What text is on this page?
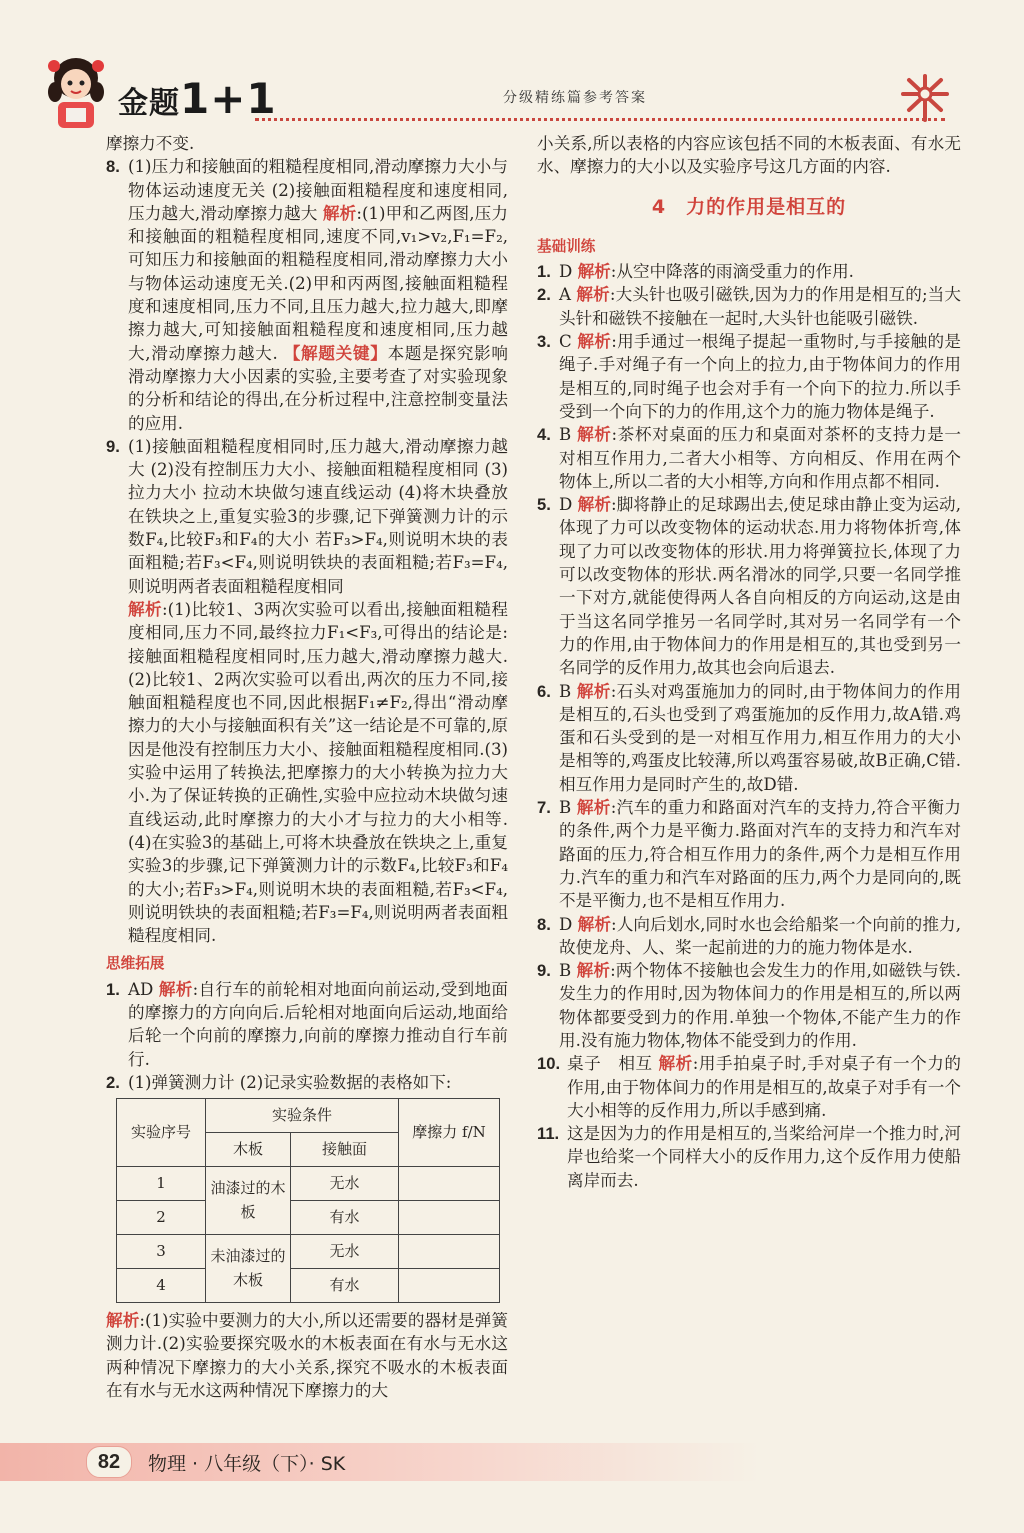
金题1+1	分级精练篇参考答案

摩擦力不变.

8. (1)压力和接触面的粗糙程度相同,滑动摩擦力大小与物体运动速度无关 (2)接触面粗糙程度和速度相同,压力越大,滑动摩擦力越大 解析:(1)甲和乙两图,压力和接触面的粗糙程度相同,速度不同,v₁>v₂,F₁=F₂,可知压力和接触面的粗糙程度相同,滑动摩擦力大小与物体运动速度无关.(2)甲和丙两图,接触面粗糙程度和速度相同,压力不同,且压力越大,拉力越大,即摩擦力越大,可知接触面粗糙程度和速度相同,压力越大,滑动摩擦力越大. 【解题关键】本题是探究影响滑动摩擦力大小因素的实验,主要考查了对实验现象的分析和结论的得出,在分析过程中,注意控制变量法的应用.
9. (1)接触面粗糙程度相同时,压力越大,滑动摩擦力越大 (2)没有控制压力大小、接触面粗糙程度相同 (3)拉力大小 拉动木块做匀速直线运动 (4)将木块叠放在铁块之上,重复实验3的步骤,记下弹簧测力计的示数F₄,比较F₃和F₄的大小 若F₃>F₄,则说明木块的表面粗糙;若F₃<F₄,则说明铁块的表面粗糙;若F₃=F₄,则说明两者表面粗糙程度相同
解析:(1)比较1、3两次实验可以看出,接触面粗糙程度相同,压力不同,最终拉力F₁<F₃,可得出的结论是:接触面粗糙程度相同时,压力越大,滑动摩擦力越大.(2)比较1、2两次实验可以看出,两次的压力不同,接触面粗糙程度也不同,因此根据F₁≠F₂,得出“滑动摩擦力的大小与接触面积有关”这一结论是不可靠的,原因是他没有控制压力大小、接触面粗糙程度相同.(3)实验中运用了转换法,把摩擦力的大小转换为拉力大小.为了保证转换的正确性,实验中应拉动木块做匀速直线运动,此时摩擦力的大小才与拉力的大小相等.(4)在实验3的基础上,可将木块叠放在铁块之上,重复实验3的步骤,记下弹簧测力计的示数F₄,比较F₃和F₄的大小;若F₃>F₄,则说明木块的表面粗糙,若F₃<F₄,则说明铁块的表面粗糙;若F₃=F₄,则说明两者表面粗糙程度相同.
思维拓展
1. AD 解析:自行车的前轮相对地面向前运动,受到地面的摩擦力的方向向后.后轮相对地面向后运动,地面给后轮一个向前的摩擦力,向前的摩擦力推动自行车前行.
2. (1)弹簧测力计 (2)记录实验数据的表格如下:
实验序号	实验条件		摩擦力 f/N
	木板	接触面	
1	油漆过的木板	无水	
2		有水	
3	未油漆过的木板	无水	
4		有水	

解析:(1)实验中要测力的大小,所以还需要的器材是弹簧测力计.(2)实验要探究吸水的木板表面在有水与无水这两种情况下摩擦力的大小关系,探究不吸水的木板表面在有水与无水这两种情况下摩擦力的大

小关系,所以表格的内容应该包括不同的木板表面、有水无水、摩擦力的大小以及实验序号这几方面的内容.

4　力的作用是相互的
基础训练
1. D 解析:从空中降落的雨滴受重力的作用.
2. A 解析:大头针也吸引磁铁,因为力的作用是相互的;当大头针和磁铁不接触在一起时,大头针也能吸引磁铁.
3. C 解析:用手通过一根绳子提起一重物时,与手接触的是绳子.手对绳子有一个向上的拉力,由于物体间力的作用是相互的,同时绳子也会对手有一个向下的拉力.所以手受到一个向下的力的作用,这个力的施力物体是绳子.
4. B 解析:茶杯对桌面的压力和桌面对茶杯的支持力是一对相互作用力,二者大小相等、方向相反、作用在两个物体上,所以二者的大小相等,方向和作用点都不相同.
5. D 解析:脚将静止的足球踢出去,使足球由静止变为运动,体现了力可以改变物体的运动状态.用力将物体折弯,体现了力可以改变物体的形状.用力将弹簧拉长,体现了力可以改变物体的形状.两名滑冰的同学,只要一名同学推一下对方,就能使得两人各自向相反的方向运动,这是由于当这名同学推另一名同学时,其对另一名同学有一个力的作用,由于物体间力的作用是相互的,其也受到另一名同学的反作用力,故其也会向后退去.
6. B 解析:石头对鸡蛋施加力的同时,由于物体间力的作用是相互的,石头也受到了鸡蛋施加的反作用力,故A错.鸡蛋和石头受到的是一对相互作用力,相互作用力的大小是相等的,鸡蛋皮比较薄,所以鸡蛋容易破,故B正确,C错.相互作用力是同时产生的,故D错.
7. B 解析:汽车的重力和路面对汽车的支持力,符合平衡力的条件,两个力是平衡力.路面对汽车的支持力和汽车对路面的压力,符合相互作用力的条件,两个力是相互作用力.汽车的重力和汽车对路面的压力,两个力是同向的,既不是平衡力,也不是相互作用力.
8. D 解析:人向后划水,同时水也会给船桨一个向前的推力,故使龙舟、人、桨一起前进的力的施力物体是水.
9. B 解析:两个物体不接触也会发生力的作用,如磁铁与铁.发生力的作用时,因为物体间力的作用是相互的,所以两物体都要受到力的作用.单独一个物体,不能产生力的作用.没有施力物体,物体不能受到力的作用.
10. 桌子　相互 解析:用手拍桌子时,手对桌子有一个力的作用,由于物体间力的作用是相互的,故桌子对手有一个大小相等的反作用力,所以手感到痛.
11. 这是因为力的作用是相互的,当桨给河岸一个推力时,河岸也给桨一个同样大小的反作用力,这个反作用力使船离岸而去.
82	物理 · 八年级（下）· SK
